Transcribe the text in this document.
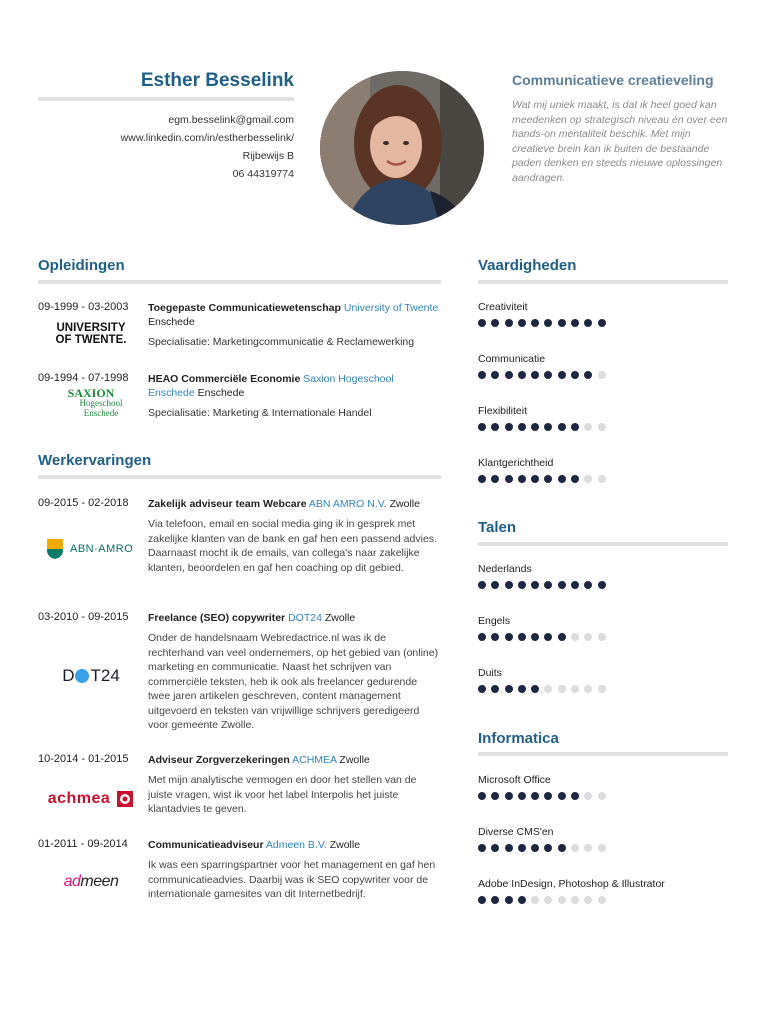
Esther Besselink
egm.besselink@gmail.com
www.linkedin.com/in/estherbesselink/
Rijbewijs B
06 44319774
Communicatieve creatieveling
Wat mij uniek maakt, is dat ik heel goed kan meedenken op strategisch niveau én over een hands-on mentaliteit beschik. Met mijn creatieve brein kan ik buiten de bestaande paden denken en steeds nieuwe oplossingen aandragen.
Opleidingen
09-1999 - 03-2003
UNIVERSITY
OF TWENTE.
Toegepaste Communicatiewetenschap University of Twente Enschede
Specialisatie: Marketingcommunicatie & Reclamewerking
09-1994 - 07-1998
SAXION
Hogeschool
Enschede
HEAO Commerciële Economie Saxion Hogeschool Enschede Enschede
Specialisatie: Marketing & Internationale Handel
Werkervaringen
09-2015 - 02-2018
ABN·AMRO
Zakelijk adviseur team Webcare ABN AMRO N.V. Zwolle
Via telefoon, email en social media ging ik in gesprek met zakelijke klanten van de bank en gaf hen een passend advies. Daarnaast mocht ik de emails, van collega's naar zakelijke klanten, beoordelen en gaf hen coaching op dit gebied.
03-2010 - 09-2015
D T24
Freelance (SEO) copywriter DOT24 Zwolle
Onder de handelsnaam Webredactrice.nl was ik de rechterhand van veel ondernemers, op het gebied van (online) marketing en communicatie. Naast het schrijven van commerciële teksten, heb ik ook als freelancer gedurende twee jaren artikelen geschreven, content management uitgevoerd en teksten van vrijwillige schrijvers geredigeerd voor gemeente Zwolle.
10-2014 - 01-2015
achmea
Adviseur Zorgverzekeringen ACHMEA Zwolle
Met mijn analytische vermogen en door het stellen van de juiste vragen, wist ik voor het label Interpolis het juiste klantadvies te geven.
01-2011 - 09-2014
admeen
Communicatieadviseur Admeen B.V. Zwolle
Ik was een sparringspartner voor het management en gaf hen communicatieadvies. Daarbij was ik SEO copywriter voor de internationale gamesites van dit Internetbedrijf.
Vaardigheden
Creativiteit
Communicatie
Flexibiliteit
Klantgerichtheid
Talen
Nederlands
Engels
Duits
Informatica
Microsoft Office
Diverse CMS'en
Adobe InDesign, Photoshop & Illustrator
